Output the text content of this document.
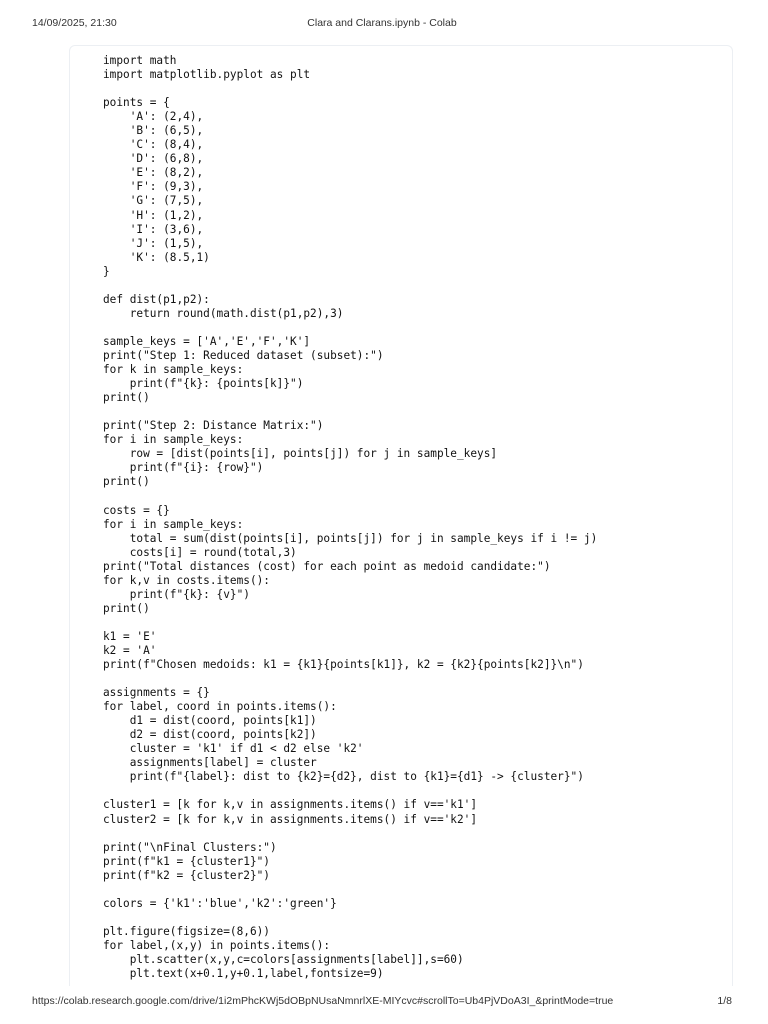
14/09/2025, 21:30	Clara and Clarans.ipynb - Colab
import math
import matplotlib.pyplot as plt
points = {
'A': (2,4),
'B': (6,5),
'C': (8,4),
'D': (6,8),
'E': (8,2),
'F': (9,3),
'G': (7,5),
'H': (1,2),
'I': (3,6),
'J': (1,5),
'K': (8.5,1)
}
def dist(p1,p2):
return round(math.dist(p1,p2),3)
sample_keys = ['A','E','F','K']
print("Step 1: Reduced dataset (subset):")
for k in sample_keys:
print(f"{k}: {points[k]}")
print()
print("Step 2: Distance Matrix:")
for i in sample_keys:
row = [dist(points[i], points[j]) for j in sample_keys]
print(f"{i}: {row}")
print()
costs = {}
for i in sample_keys:
total = sum(dist(points[i], points[j]) for j in sample_keys if i != j)
costs[i] = round(total,3)
print("Total distances (cost) for each point as medoid candidate:")
for k,v in costs.items():
print(f"{k}: {v}")
print()
k1 = 'E'
k2 = 'A'
print(f"Chosen medoids: k1 = {k1}{points[k1]}, k2 = {k2}{points[k2]}\n")
assignments = {}
for label, coord in points.items():
d1 = dist(coord, points[k1])
d2 = dist(coord, points[k2])
cluster = 'k1' if d1 < d2 else 'k2'
assignments[label] = cluster
print(f"{label}: dist to {k2}={d2}, dist to {k1}={d1} -> {cluster}")
cluster1 = [k for k,v in assignments.items() if v=='k1']
cluster2 = [k for k,v in assignments.items() if v=='k2']
print("\nFinal Clusters:")
print(f"k1 = {cluster1}")
print(f"k2 = {cluster2}")
colors = {'k1':'blue','k2':'green'}
plt.figure(figsize=(8,6))
for label,(x,y) in points.items():
plt.scatter(x,y,c=colors[assignments[label]],s=60)
plt.text(x+0.1,y+0.1,label,fontsize=9)
https://colab.research.google.com/drive/1i2mPhcKWj5dOBpNUsaNmnrlXE-MIYcvc#scrollTo=Ub4PjVDoA3I_&printMode=true	1/8
